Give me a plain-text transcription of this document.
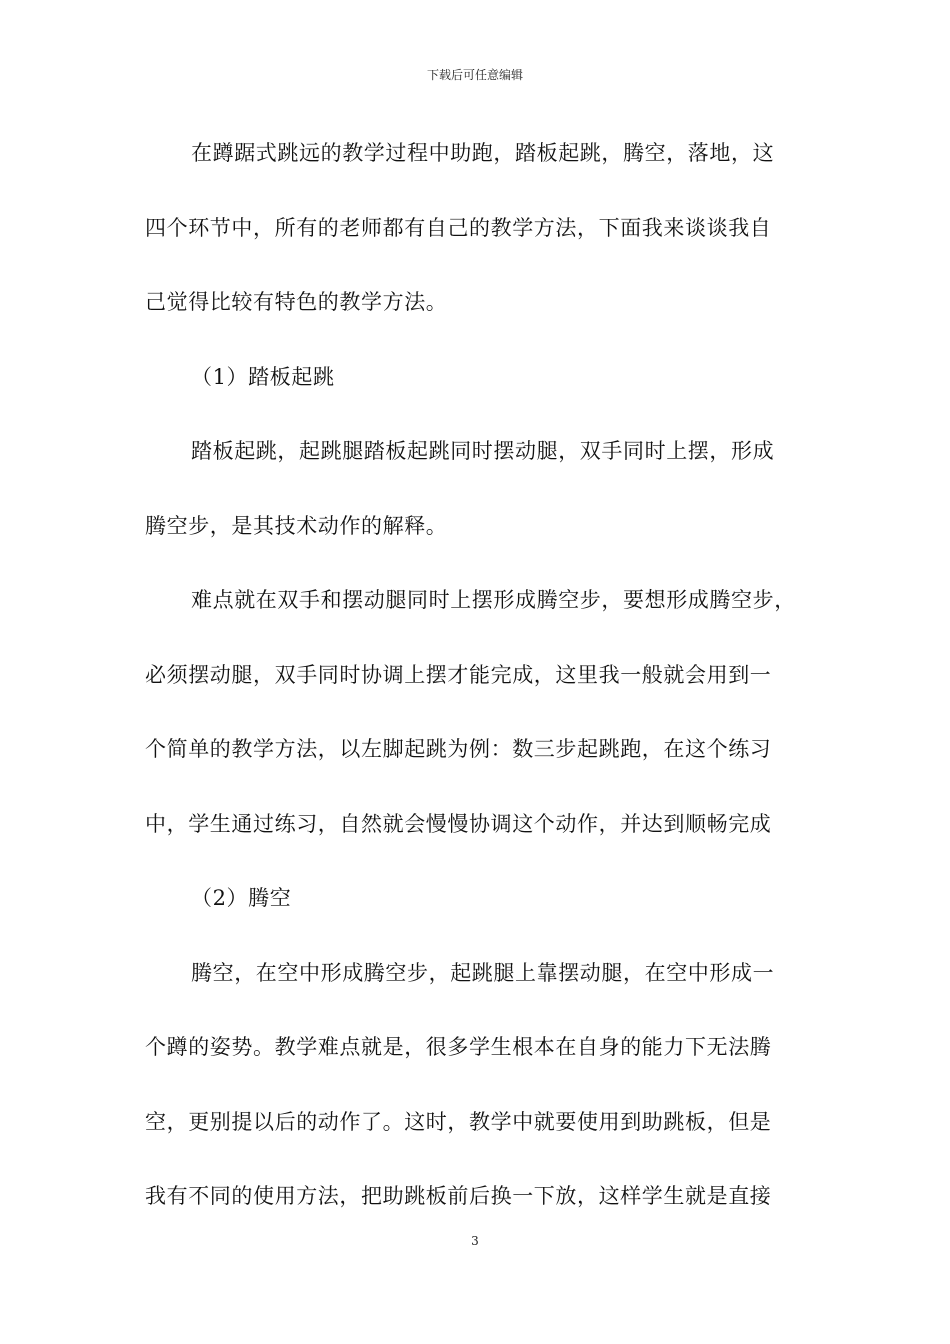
下载后可任意编辑
在蹲踞式跳远的教学过程中助跑，踏板起跳，腾空，落地，这
四个环节中，所有的老师都有自己的教学方法，下面我来谈谈我自
己觉得比较有特色的教学方法。
（1）踏板起跳
踏板起跳，起跳腿踏板起跳同时摆动腿，双手同时上摆，形成
腾空步，是其技术动作的解释。
难点就在双手和摆动腿同时上摆形成腾空步，要想形成腾空步，
必须摆动腿，双手同时协调上摆才能完成，这里我一般就会用到一
个简单的教学方法，以左脚起跳为例：数三步起跳跑，在这个练习
中，学生通过练习，自然就会慢慢协调这个动作，并达到顺畅完成
（2）腾空
腾空，在空中形成腾空步，起跳腿上靠摆动腿，在空中形成一
个蹲的姿势。教学难点就是，很多学生根本在自身的能力下无法腾
空，更别提以后的动作了。这时，教学中就要使用到助跳板，但是
我有不同的使用方法，把助跳板前后换一下放，这样学生就是直接
3
